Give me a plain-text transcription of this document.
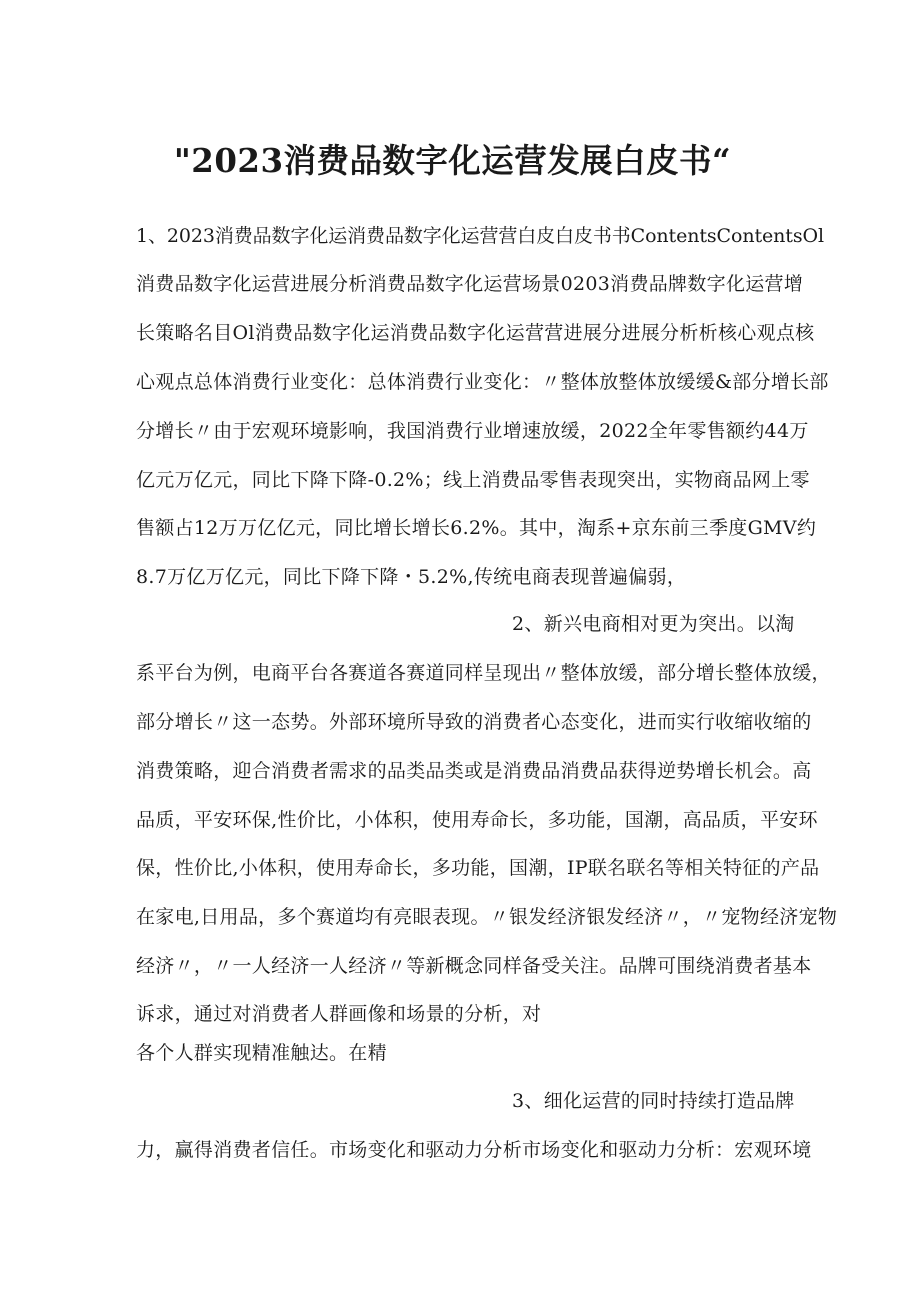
"2023消费品数字化运营发展白皮书“
1、2023消费品数字化运消费品数字化运营营白皮白皮书书ContentsContentsOl
消费品数字化运营进展分析消费品数字化运营场景0203消费品牌数字化运营增
长策略名目Ol消费品数字化运消费品数字化运营营进展分进展分析析核心观点核
心观点总体消费行业变化：总体消费行业变化：〃整体放整体放缓缓&部分增长部
分增长〃由于宏观环境影响，我国消费行业增速放缓，2022全年零售额约44万
亿元万亿元，同比下降下降-0.2%；线上消费品零售表现突出，实物商品网上零
售额占12万万亿亿元，同比增长增长6.2%。其中，淘系+京东前三季度GMV约
8.7万亿万亿元，同比下降下降・5.2%,传统电商表现普遍偏弱，
2、新兴电商相对更为突出。以淘
系平台为例，电商平台各赛道各赛道同样呈现出〃整体放缓，部分增长整体放缓，
部分增长〃这一态势。外部环境所导致的消费者心态变化，进而实行收缩收缩的
消费策略，迎合消费者需求的品类品类或是消费品消费品获得逆势增长机会。高
品质，平安环保,性价比，小体积，使用寿命长，多功能，国潮，高品质，平安环
保，性价比,小体积，使用寿命长，多功能，国潮，IP联名联名等相关特征的产品
在家电,日用品，多个赛道均有亮眼表现。〃银发经济银发经济〃，〃宠物经济宠物
经济〃，〃一人经济一人经济〃等新概念同样备受关注。品牌可围绕消费者基本
诉求，通过对消费者人群画像和场景的分析，对
各个人群实现精准触达。在精
3、细化运营的同时持续打造品牌
力，赢得消费者信任。市场变化和驱动力分析市场变化和驱动力分析：宏观环境
